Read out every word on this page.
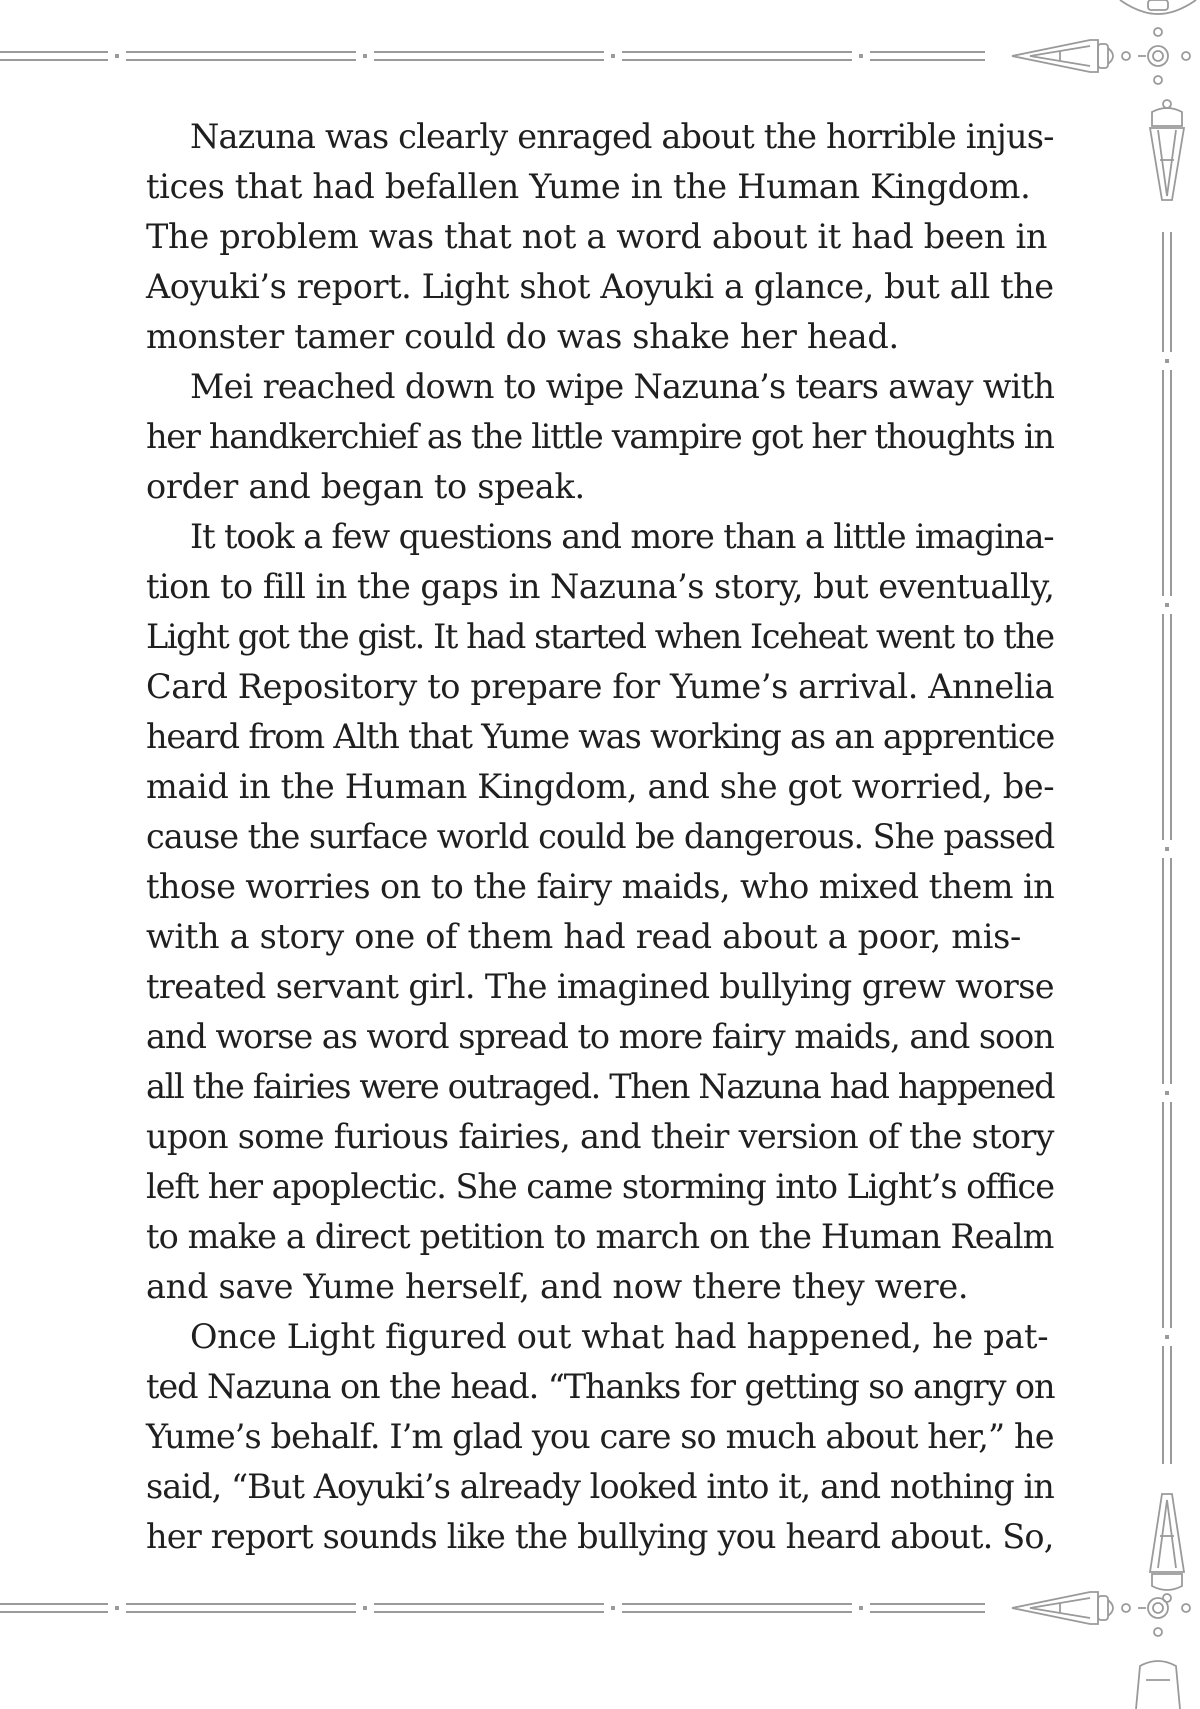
Nazuna was clearly enraged about the horrible injus-
tices that had befallen Yume in the Human Kingdom.
The problem was that not a word about it had been in
Aoyuki’s report. Light shot Aoyuki a glance, but all the
monster tamer could do was shake her head.
Mei reached down to wipe Nazuna’s tears away with
her handkerchief as the little vampire got her thoughts in
order and began to speak.
It took a few questions and more than a little imagina-
tion to fill in the gaps in Nazuna’s story, but eventually,
Light got the gist. It had started when Iceheat went to the
Card Repository to prepare for Yume’s arrival. Annelia
heard from Alth that Yume was working as an apprentice
maid in the Human Kingdom, and she got worried, be-
cause the surface world could be dangerous. She passed
those worries on to the fairy maids, who mixed them in
with a story one of them had read about a poor, mis-
treated servant girl. The imagined bullying grew worse
and worse as word spread to more fairy maids, and soon
all the fairies were outraged. Then Nazuna had happened
upon some furious fairies, and their version of the story
left her apoplectic. She came storming into Light’s office
to make a direct petition to march on the Human Realm
and save Yume herself, and now there they were.
Once Light figured out what had happened, he pat-
ted Nazuna on the head. “Thanks for getting so angry on
Yume’s behalf. I’m glad you care so much about her,” he
said, “But Aoyuki’s already looked into it, and nothing in
her report sounds like the bullying you heard about. So,
